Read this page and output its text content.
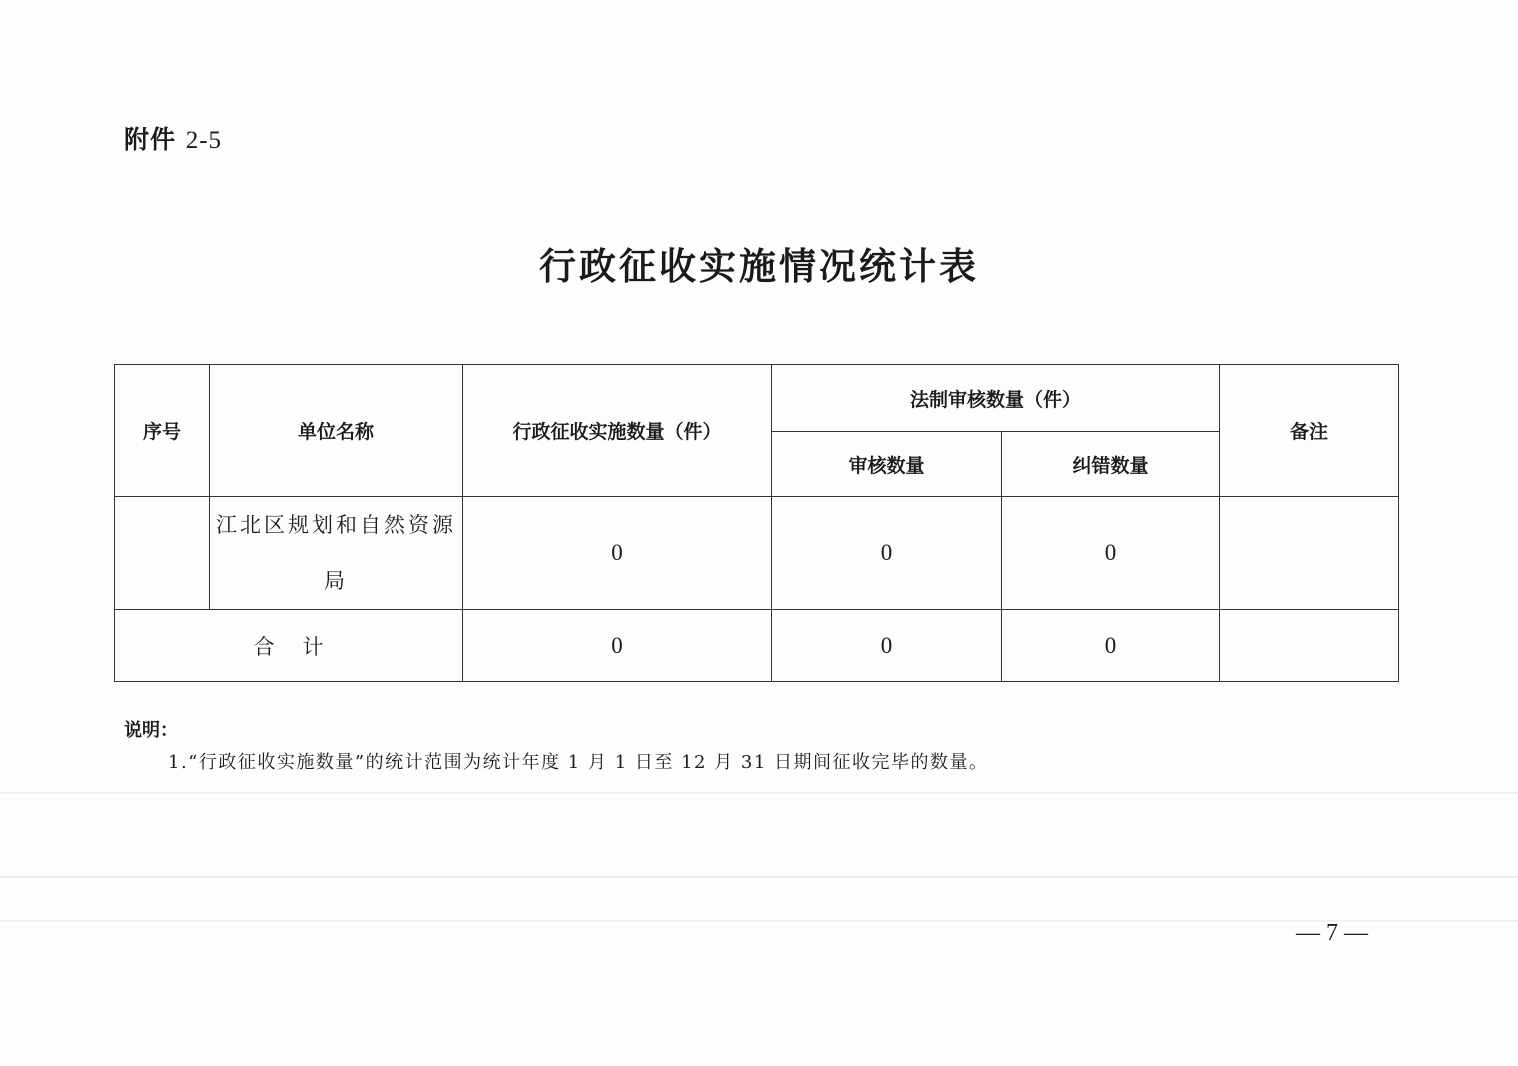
附件 2-5
行政征收实施情况统计表
序号	单位名称	行政征收实施数量（件）	法制审核数量（件）		备注
			审核数量	纠错数量	
	江北区规划和自然资源局	0	0	0	
合计		0	0	0	
说明：
1.“行政征收实施数量”的统计范围为统计年度 1 月 1 日至 12 月 31 日期间征收完毕的数量。
— 7 —
